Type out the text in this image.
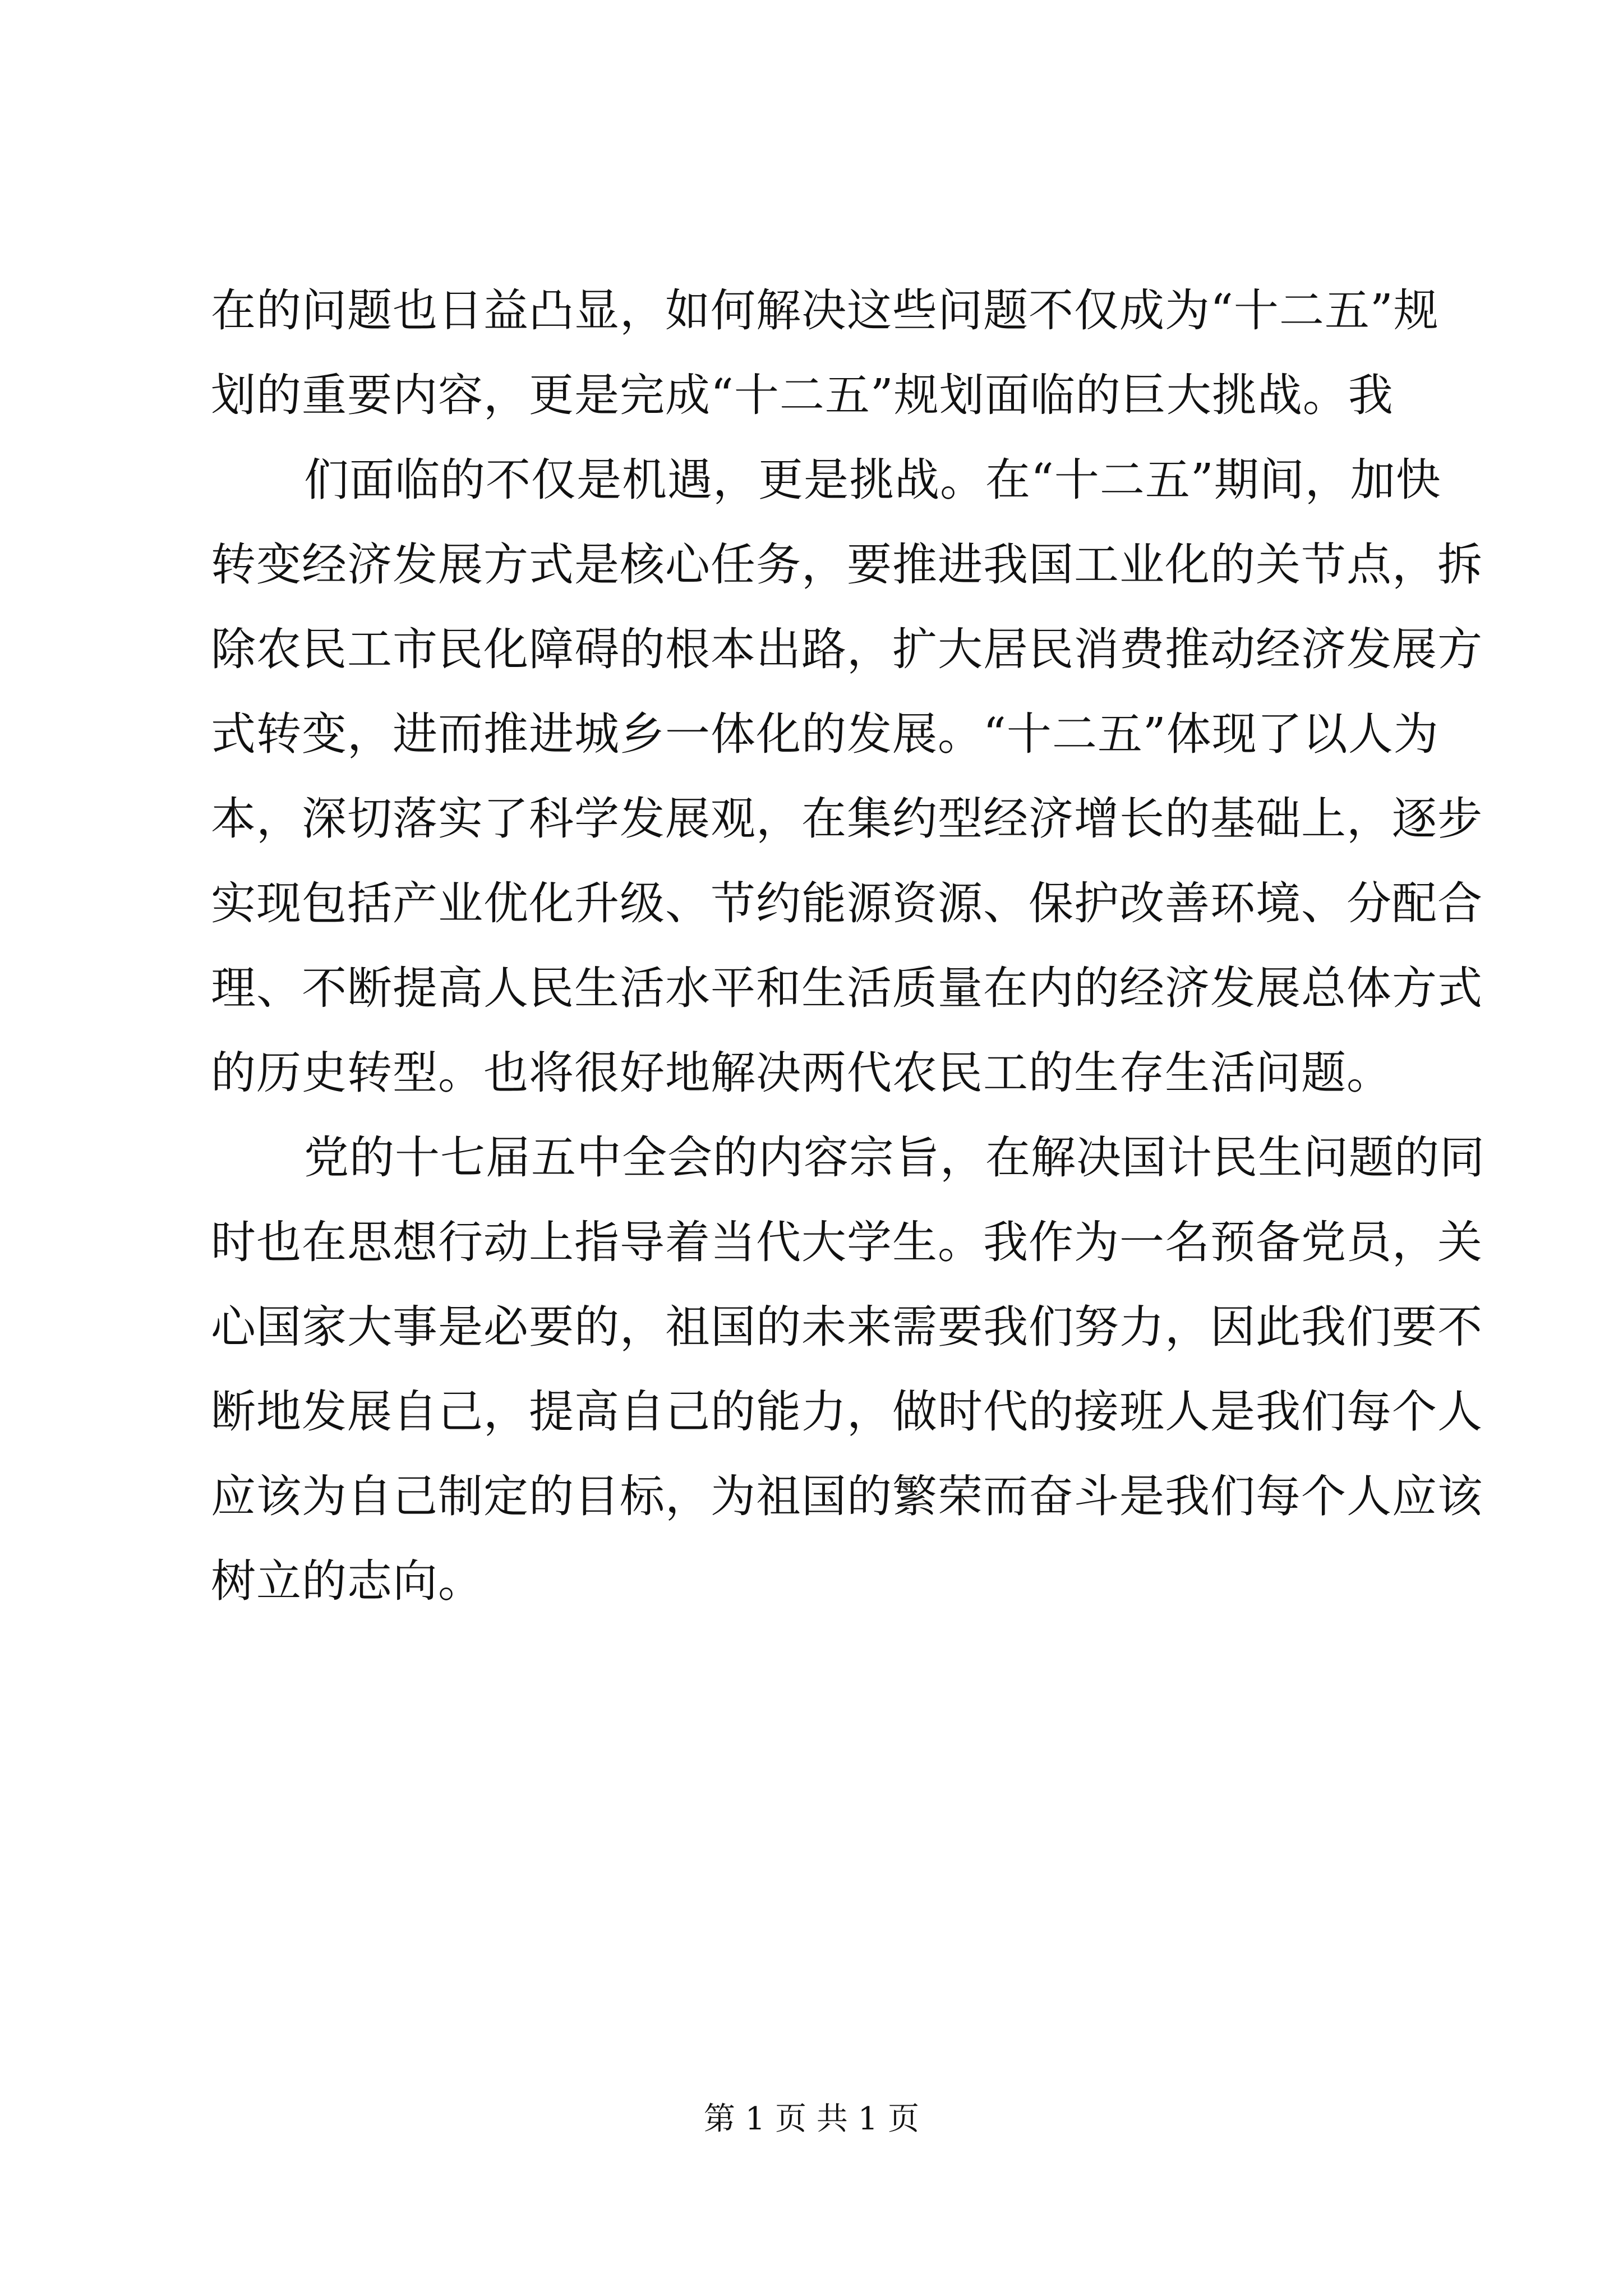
在的问题也日益凸显，如何解决这些问题不仅成为“十二五”规
划的重要内容，更是完成“十二五”规划面临的巨大挑战。我
们面临的不仅是机遇，更是挑战。在“十二五”期间，加快
转变经济发展方式是核心任务，要推进我国工业化的关节点，拆
除农民工市民化障碍的根本出路，扩大居民消费推动经济发展方
式转变，进而推进城乡一体化的发展。“十二五”体现了以人为
本，深切落实了科学发展观，在集约型经济增长的基础上，逐步
实现包括产业优化升级、节约能源资源、保护改善环境、分配合
理、不断提高人民生活水平和生活质量在内的经济发展总体方式
的历史转型。也将很好地解决两代农民工的生存生活问题。
党的十七届五中全会的内容宗旨，在解决国计民生问题的同
时也在思想行动上指导着当代大学生。我作为一名预备党员，关
心国家大事是必要的，祖国的未来需要我们努力，因此我们要不
断地发展自己，提高自己的能力，做时代的接班人是我们每个人
应该为自己制定的目标，为祖国的繁荣而奋斗是我们每个人应该
树立的志向。
第 1 页 共 1 页
